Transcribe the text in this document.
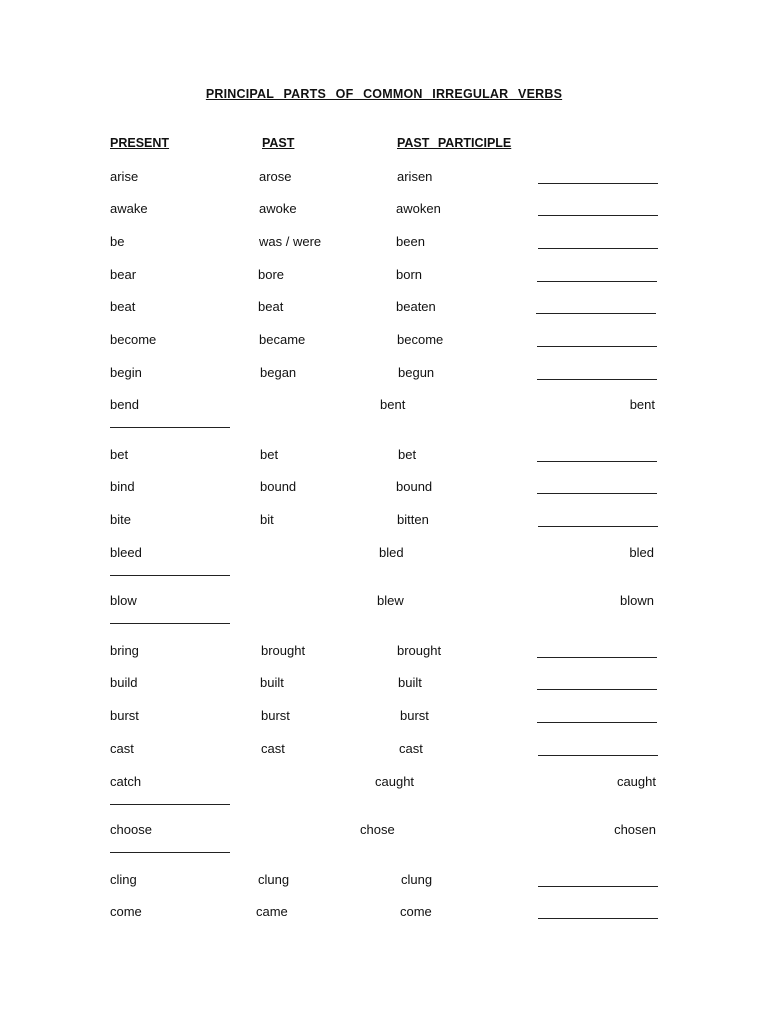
PRINCIPAL PARTS OF COMMON IRREGULAR VERBS
PRESENT	PAST	PAST PARTICIPLE
arise	arose	arisen
awake	awoke	awoken
be	was / were	been
bear	bore	born
beat	beat	beaten
become	became	become
begin	began	begun
bend	bent	bent
bet	bet	bet
bind	bound	bound
bite	bit	bitten
bleed	bled	bled
blow	blew	blown
bring	brought	brought
build	built	built
burst	burst	burst
cast	cast	cast
catch	caught	caught
choose	chose	chosen
cling	clung	clung
come	came	come
